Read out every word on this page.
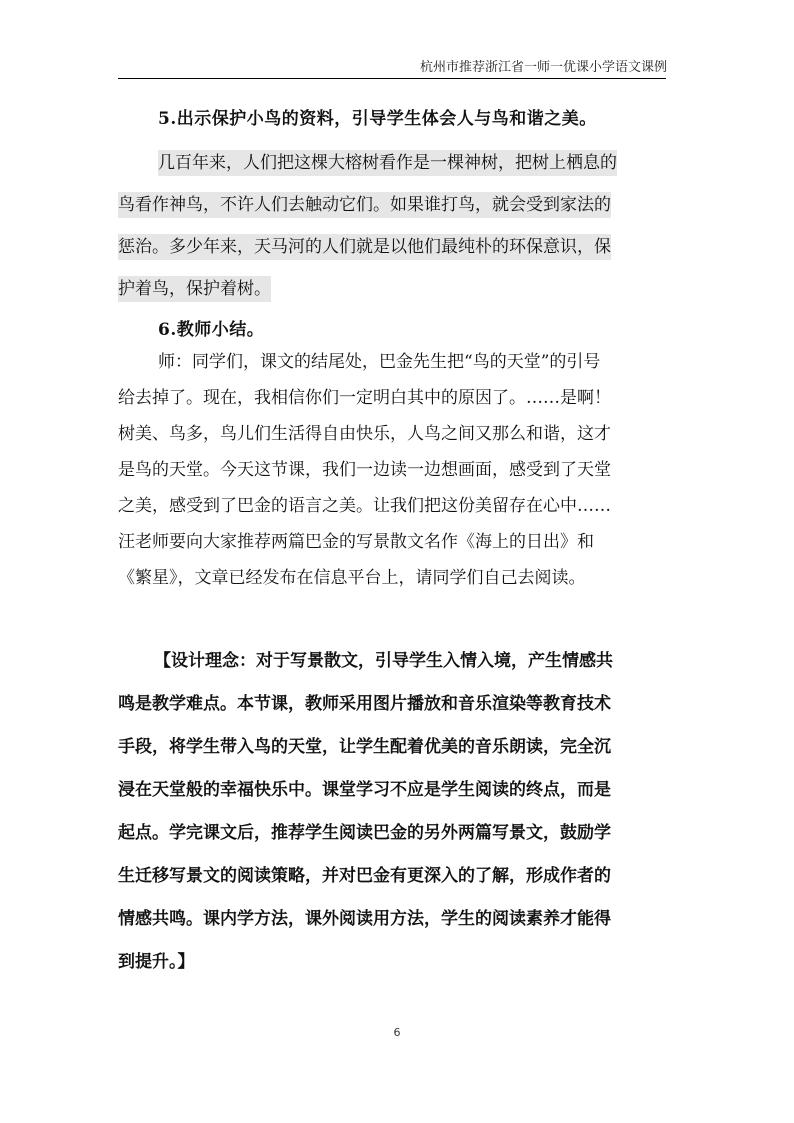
杭州市推荐浙江省一师一优课小学语文课例
5.出示保护小鸟的资料，引导学生体会人与鸟和谐之美。
几百年来，人们把这棵大榕树看作是一棵神树，把树上栖息的
鸟看作神鸟，不许人们去触动它们。如果谁打鸟，就会受到家法的
惩治。多少年来，天马河的人们就是以他们最纯朴的环保意识，保
护着鸟，保护着树。
6.教师小结。
师：同学们，课文的结尾处，巴金先生把“鸟的天堂”的引号
给去掉了。现在，我相信你们一定明白其中的原因了。……是啊！
树美、鸟多，鸟儿们生活得自由快乐，人鸟之间又那么和谐，这才
是鸟的天堂。今天这节课，我们一边读一边想画面，感受到了天堂
之美，感受到了巴金的语言之美。让我们把这份美留存在心中……
汪老师要向大家推荐两篇巴金的写景散文名作《海上的日出》和
《繁星》，文章已经发布在信息平台上，请同学们自己去阅读。
【设计理念：对于写景散文，引导学生入情入境，产生情感共
鸣是教学难点。本节课，教师采用图片播放和音乐渲染等教育技术
手段，将学生带入鸟的天堂，让学生配着优美的音乐朗读，完全沉
浸在天堂般的幸福快乐中。课堂学习不应是学生阅读的终点，而是
起点。学完课文后，推荐学生阅读巴金的另外两篇写景文，鼓励学
生迁移写景文的阅读策略，并对巴金有更深入的了解，形成作者的
情感共鸣。课内学方法，课外阅读用方法，学生的阅读素养才能得
到提升。】
6
